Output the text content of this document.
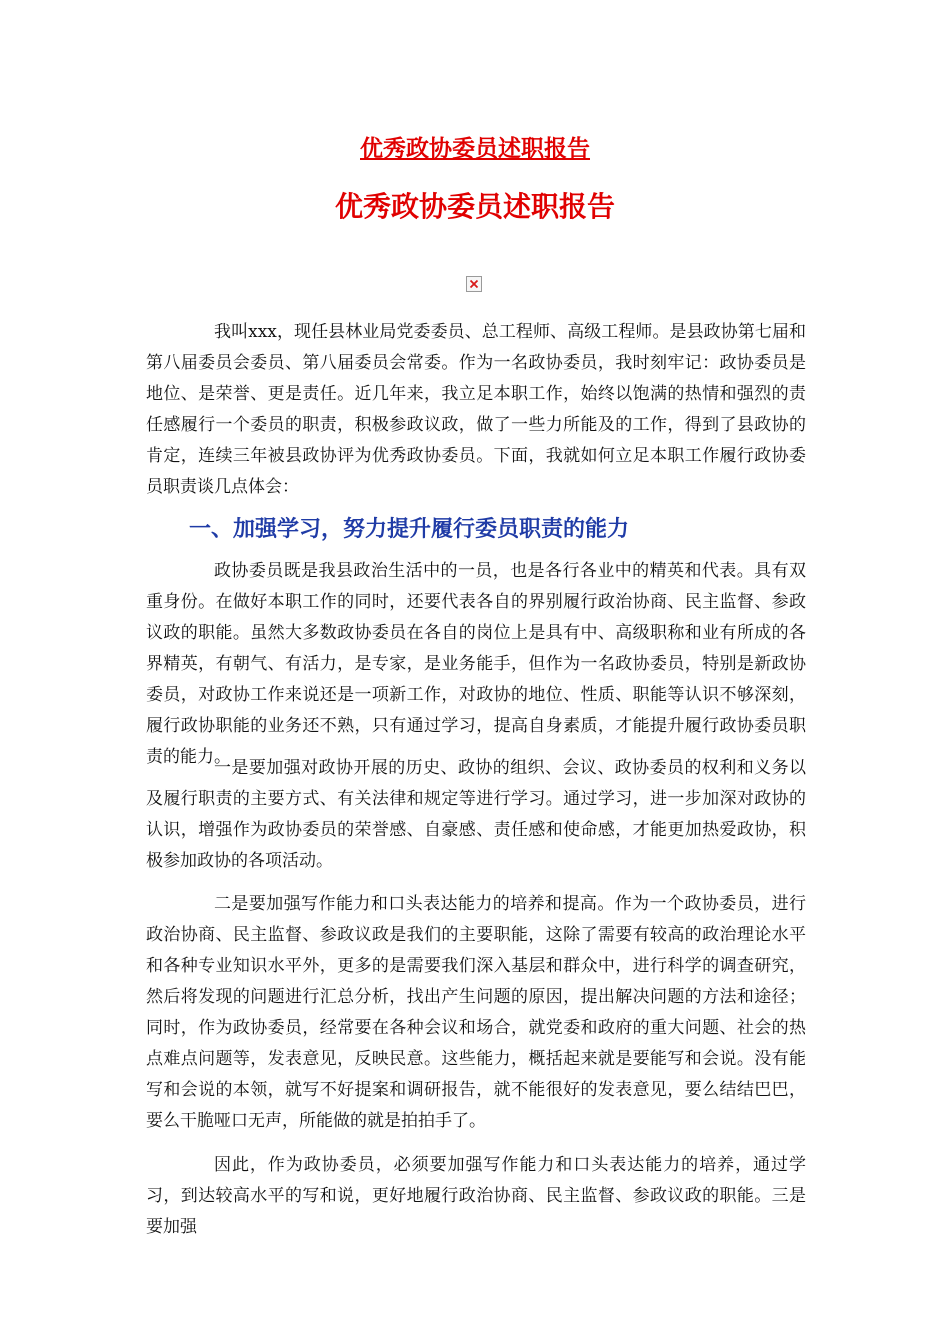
优秀政协委员述职报告
优秀政协委员述职报告

我叫xxx，现任县林业局党委委员、总工程师、高级工程师。是县政协第七届和第八届委员会委员、第八届委员会常委。作为一名政协委员，我时刻牢记：政协委员是地位、是荣誉、更是责任。近几年来，我立足本职工作，始终以饱满的热情和强烈的责任感履行一个委员的职责，积极参政议政，做了一些力所能及的工作，得到了县政协的肯定，连续三年被县政协评为优秀政协委员。下面，我就如何立足本职工作履行政协委员职责谈几点体会：

一、加强学习，努力提升履行委员职责的能力

政协委员既是我县政治生活中的一员，也是各行各业中的精英和代表。具有双重身份。在做好本职工作的同时，还要代表各自的界别履行政治协商、民主监督、参政议政的职能。虽然大多数政协委员在各自的岗位上是具有中、高级职称和业有所成的各界精英，有朝气、有活力，是专家，是业务能手，但作为一名政协委员，特别是新政协委员，对政协工作来说还是一项新工作，对政协的地位、性质、职能等认识不够深刻，履行政协职能的业务还不熟，只有通过学习，提高自身素质，才能提升履行政协委员职责的能力。

一是要加强对政协开展的历史、政协的组织、会议、政协委员的权利和义务以及履行职责的主要方式、有关法律和规定等进行学习。通过学习，进一步加深对政协的认识，增强作为政协委员的荣誉感、自豪感、责任感和使命感，才能更加热爱政协，积极参加政协的各项活动。

二是要加强写作能力和口头表达能力的培养和提高。作为一个政协委员，进行政治协商、民主监督、参政议政是我们的主要职能，这除了需要有较高的政治理论水平和各种专业知识水平外，更多的是需要我们深入基层和群众中，进行科学的调查研究，然后将发现的问题进行汇总分析，找出产生问题的原因，提出解决问题的方法和途径；同时，作为政协委员，经常要在各种会议和场合，就党委和政府的重大问题、社会的热点难点问题等，发表意见，反映民意。这些能力，概括起来就是要能写和会说。没有能写和会说的本领，就写不好提案和调研报告，就不能很好的发表意见，要么结结巴巴，要么干脆哑口无声，所能做的就是拍拍手了。

因此，作为政协委员，必须要加强写作能力和口头表达能力的培养，通过学习，到达较高水平的写和说，更好地履行政治协商、民主监督、参政议政的职能。三是要加强
